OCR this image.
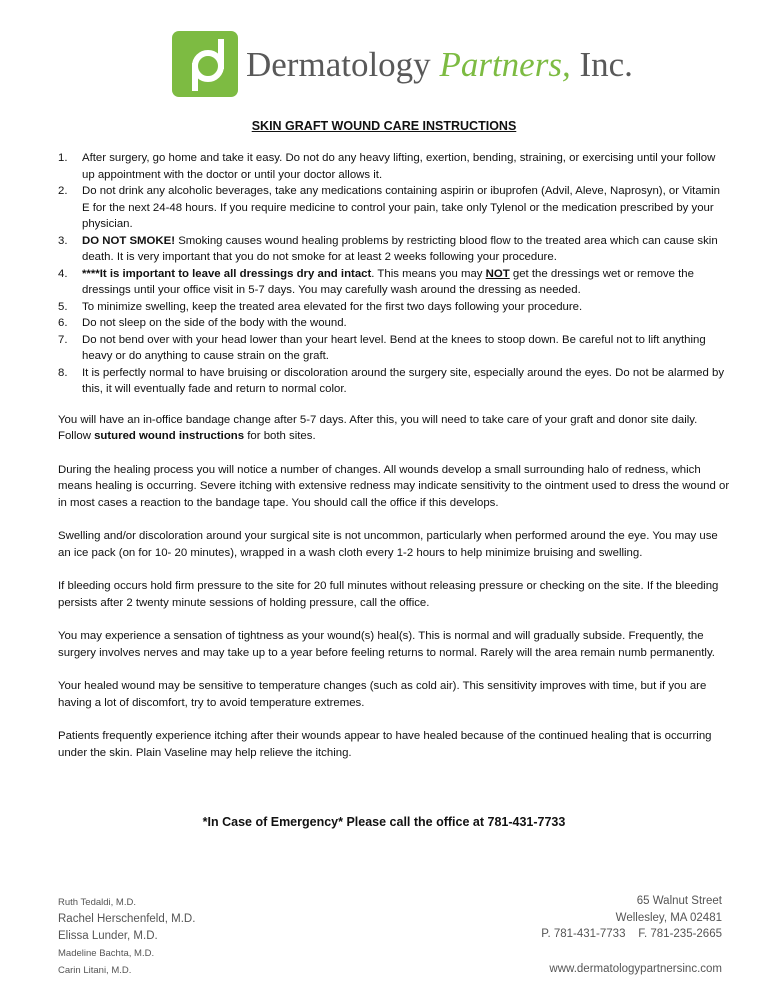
Dermatology Partners, Inc.
SKIN GRAFT WOUND CARE INSTRUCTIONS
1. After surgery, go home and take it easy. Do not do any heavy lifting, exertion, bending, straining, or exercising until your follow up appointment with the doctor or until your doctor allows it.
2. Do not drink any alcoholic beverages, take any medications containing aspirin or ibuprofen (Advil, Aleve, Naprosyn), or Vitamin E for the next 24-48 hours. If you require medicine to control your pain, take only Tylenol or the medication prescribed by your physician.
3. DO NOT SMOKE! Smoking causes wound healing problems by restricting blood flow to the treated area which can cause skin death. It is very important that you do not smoke for at least 2 weeks following your procedure.
4. ****It is important to leave all dressings dry and intact. This means you may NOT get the dressings wet or remove the dressings until your office visit in 5-7 days. You may carefully wash around the dressing as needed.
5. To minimize swelling, keep the treated area elevated for the first two days following your procedure.
6. Do not sleep on the side of the body with the wound.
7. Do not bend over with your head lower than your heart level. Bend at the knees to stoop down. Be careful not to lift anything heavy or do anything to cause strain on the graft.
8. It is perfectly normal to have bruising or discoloration around the surgery site, especially around the eyes. Do not be alarmed by this, it will eventually fade and return to normal color.

You will have an in-office bandage change after 5-7 days. After this, you will need to take care of your graft and donor site daily. Follow sutured wound instructions for both sites.

During the healing process you will notice a number of changes. All wounds develop a small surrounding halo of redness, which means healing is occurring. Severe itching with extensive redness may indicate sensitivity to the ointment used to dress the wound or in most cases a reaction to the bandage tape. You should call the office if this develops.

Swelling and/or discoloration around your surgical site is not uncommon, particularly when performed around the eye. You may use an ice pack (on for 10- 20 minutes), wrapped in a wash cloth every 1-2 hours to help minimize bruising and swelling.

If bleeding occurs hold firm pressure to the site for 20 full minutes without releasing pressure or checking on the site. If the bleeding persists after 2 twenty minute sessions of holding pressure, call the office.

You may experience a sensation of tightness as your wound(s) heal(s). This is normal and will gradually subside. Frequently, the surgery involves nerves and may take up to a year before feeling returns to normal. Rarely will the area remain numb permanently.

Your healed wound may be sensitive to temperature changes (such as cold air). This sensitivity improves with time, but if you are having a lot of discomfort, try to avoid temperature extremes.

Patients frequently experience itching after their wounds appear to have healed because of the continued healing that is occurring under the skin. Plain Vaseline may help relieve the itching.

*In Case of Emergency* Please call the office at 781-431-7733
Ruth Tedaldi, M.D.
Rachel Herschenfeld, M.D.
Elissa Lunder, M.D.
Madeline Bachta, M.D.
Carin Litani, M.D.
65 Walnut Street
Wellesley, MA 02481
P. 781-431-7733    F. 781-235-2665
www.dermatologypartnersinc.com
